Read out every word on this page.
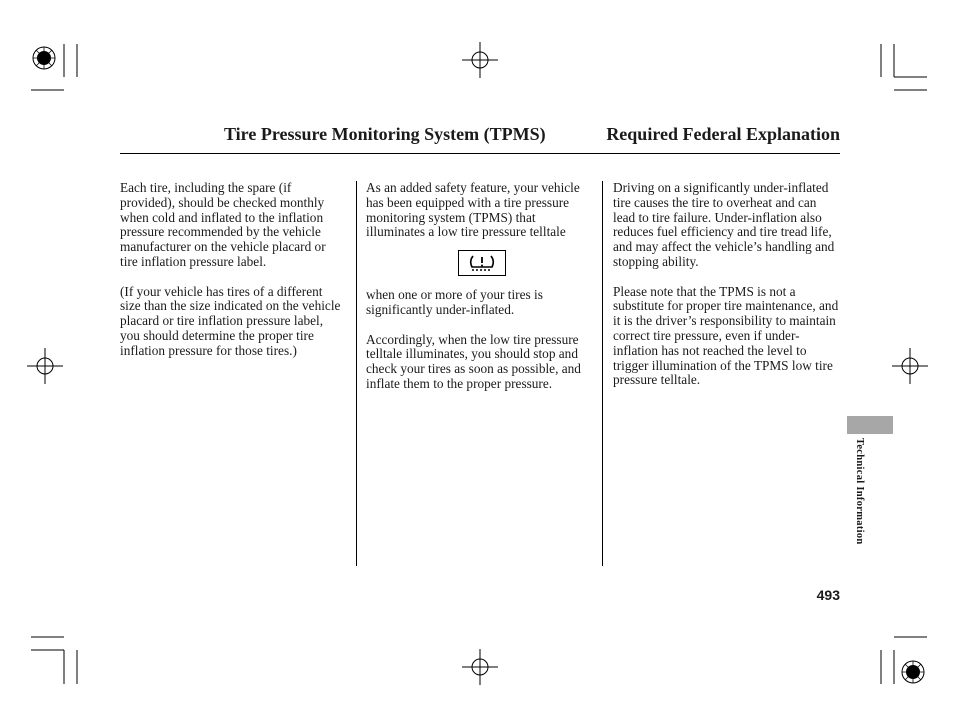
Tire Pressure Monitoring System (TPMS)	Required Federal Explanation

Each tire, including the spare (if provided), should be checked monthly when cold and inflated to the inflation pressure recommended by the vehicle manufacturer on the vehicle placard or tire inflation pressure label.

(If your vehicle has tires of a different size than the size indicated on the vehicle placard or tire inflation pressure label, you should determine the proper tire inflation pressure for those tires.)

As an added safety feature, your vehicle has been equipped with a tire pressure monitoring system (TPMS) that illuminates a low tire pressure telltale

when one or more of your tires is significantly under-inflated.

Accordingly, when the low tire pressure telltale illuminates, you should stop and check your tires as soon as possible, and inflate them to the proper pressure.

Driving on a significantly under-inflated tire causes the tire to overheat and can lead to tire failure. Under-inflation also reduces fuel efficiency and tire tread life, and may affect the vehicle’s handling and stopping ability.

Please note that the TPMS is not a substitute for proper tire maintenance, and it is the driver’s responsibility to maintain correct tire pressure, even if under-inflation has not reached the level to trigger illumination of the TPMS low tire pressure telltale.

Technical Information
493
